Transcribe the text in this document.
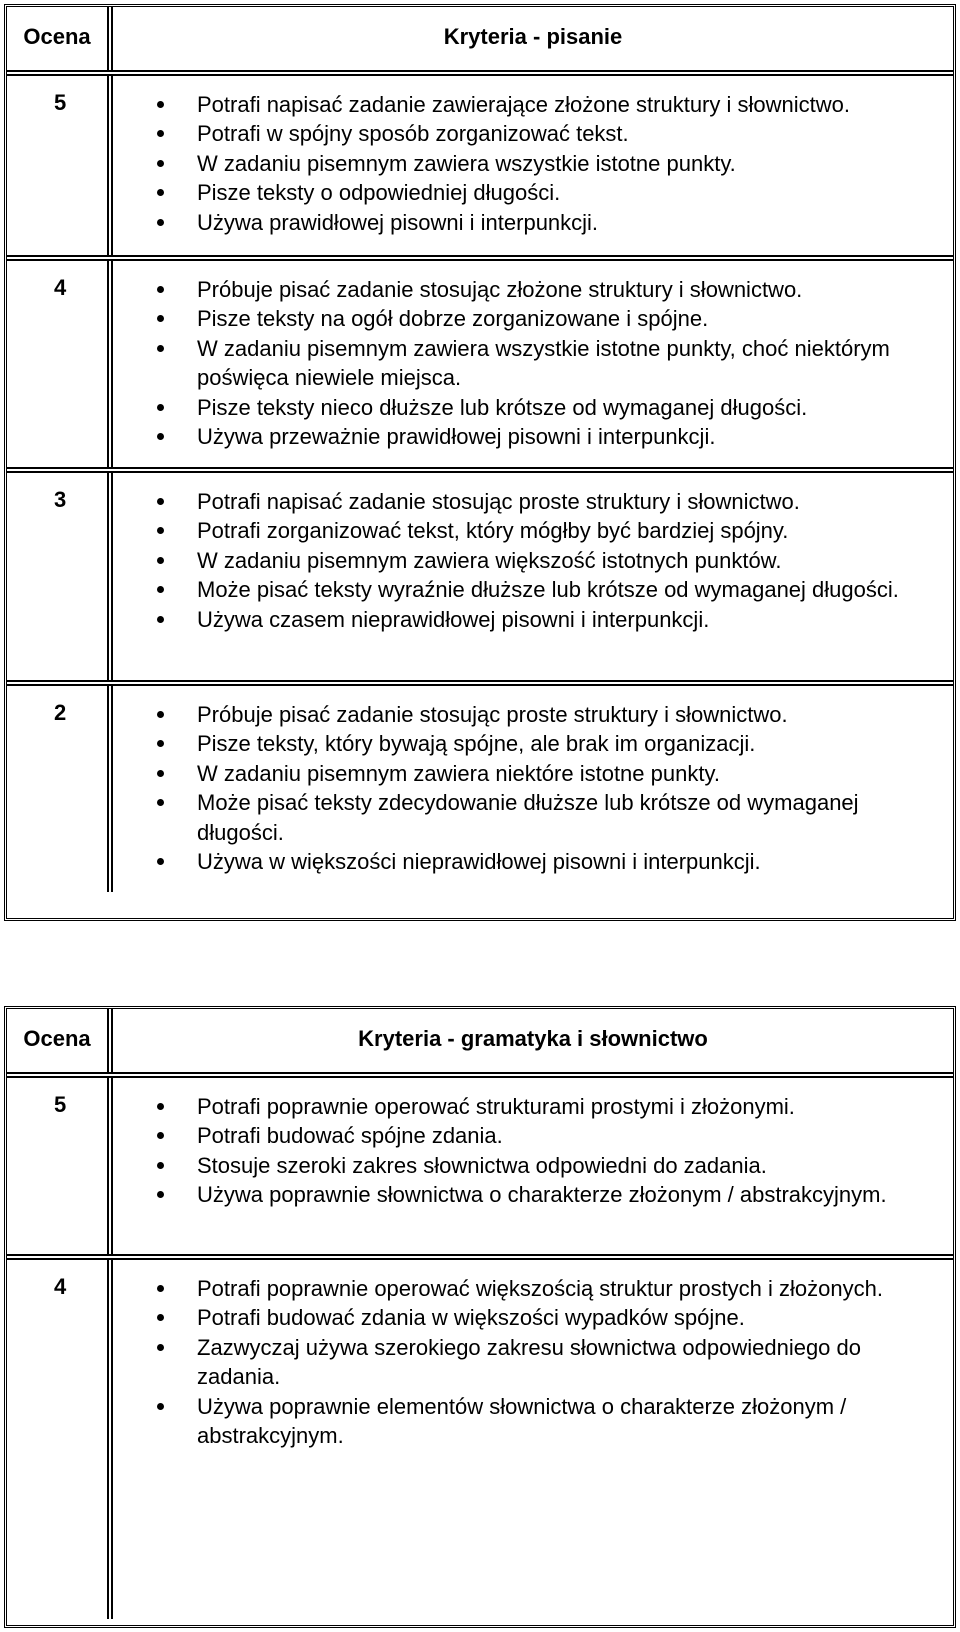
Ocena	Kryteria - pisanie
5	Potrafi napisać zadanie zawierające złożone struktury i słownictwo.
Potrafi w spójny sposób zorganizować tekst.
W zadaniu pisemnym zawiera wszystkie istotne punkty.
Pisze teksty o odpowiedniej długości.
Używa prawidłowej pisowni i interpunkcji.
4	Próbuje pisać zadanie stosując złożone struktury i słownictwo.
Pisze teksty na ogół dobrze zorganizowane i spójne.
W zadaniu pisemnym zawiera wszystkie istotne punkty, choć niektórym poświęca niewiele miejsca.
Pisze teksty nieco dłuższe lub krótsze od wymaganej długości.
Używa przeważnie prawidłowej pisowni i interpunkcji.
3	Potrafi napisać zadanie stosując proste struktury i słownictwo.
Potrafi zorganizować tekst, który mógłby być bardziej spójny.
W zadaniu pisemnym zawiera większość istotnych punktów.
Może pisać teksty wyraźnie dłuższe lub krótsze od wymaganej długości.
Używa czasem nieprawidłowej pisowni i interpunkcji.
2	Próbuje pisać zadanie stosując proste struktury i słownictwo.
Pisze teksty, który bywają spójne, ale brak im organizacji.
W zadaniu pisemnym zawiera niektóre istotne punkty.
Może pisać teksty zdecydowanie dłuższe lub krótsze od wymaganej długości.
Używa w większości nieprawidłowej pisowni i interpunkcji.
Ocena	Kryteria - gramatyka i słownictwo
5	Potrafi poprawnie operować strukturami prostymi i złożonymi.
Potrafi budować spójne zdania.
Stosuje szeroki zakres słownictwa odpowiedni do zadania.
Używa poprawnie słownictwa o charakterze złożonym / abstrakcyjnym.
4	Potrafi poprawnie operować większością struktur prostych i złożonych.
Potrafi budować zdania w większości wypadków spójne.
Zazwyczaj używa szerokiego zakresu słownictwa odpowiedniego do zadania.
Używa poprawnie elementów słownictwa o charakterze złożonym / abstrakcyjnym.
